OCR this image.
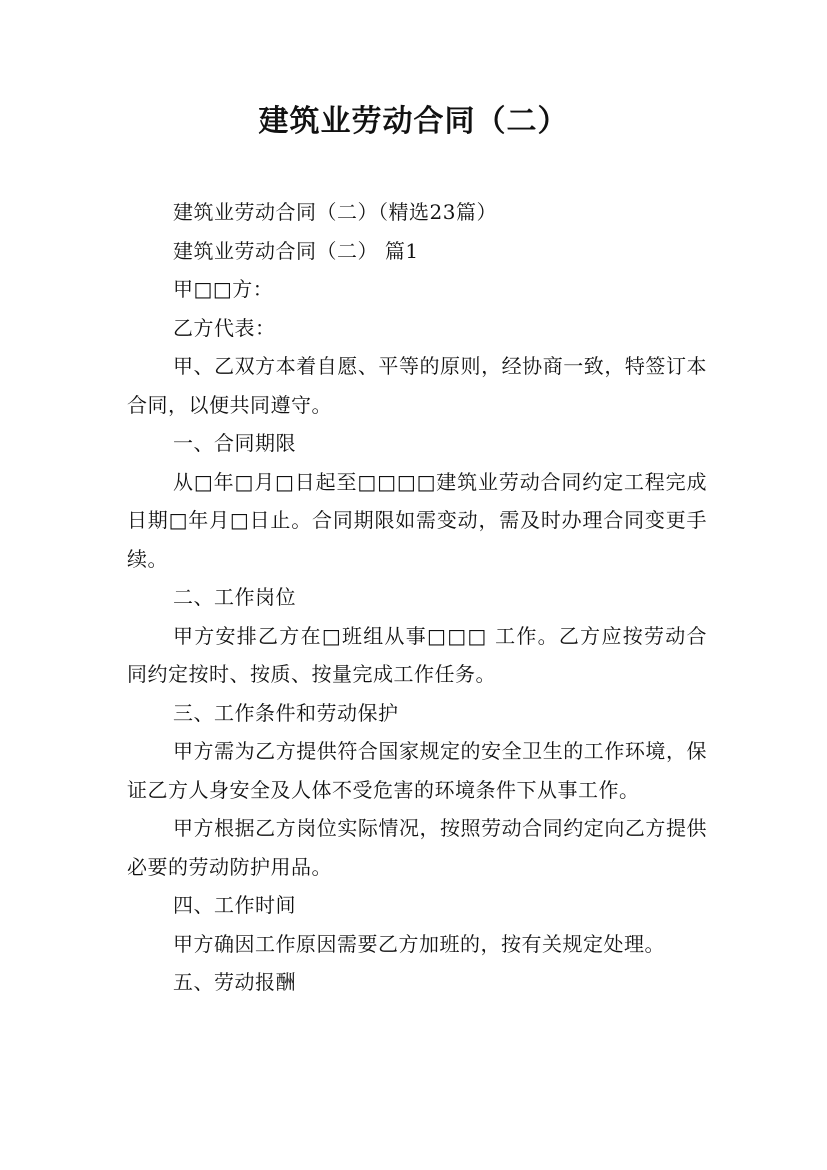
建筑业劳动合同（二）

建筑业劳动合同（二）（精选23篇）

建筑业劳动合同（二） 篇1

甲□□方：

乙方代表：

甲、乙双方本着自愿、平等的原则，经协商一致，特签订本合同，以便共同遵守。

一、合同期限

从□年□月□日起至□□□□建筑业劳动合同约定工程完成日期□年月□日止。合同期限如需变动，需及时办理合同变更手续。

二、工作岗位

甲方安排乙方在□班组从事□□□ 工作。乙方应按劳动合同约定按时、按质、按量完成工作任务。

三、工作条件和劳动保护

甲方需为乙方提供符合国家规定的安全卫生的工作环境，保证乙方人身安全及人体不受危害的环境条件下从事工作。

甲方根据乙方岗位实际情况，按照劳动合同约定向乙方提供必要的劳动防护用品。

四、工作时间

甲方确因工作原因需要乙方加班的，按有关规定处理。

五、劳动报酬
